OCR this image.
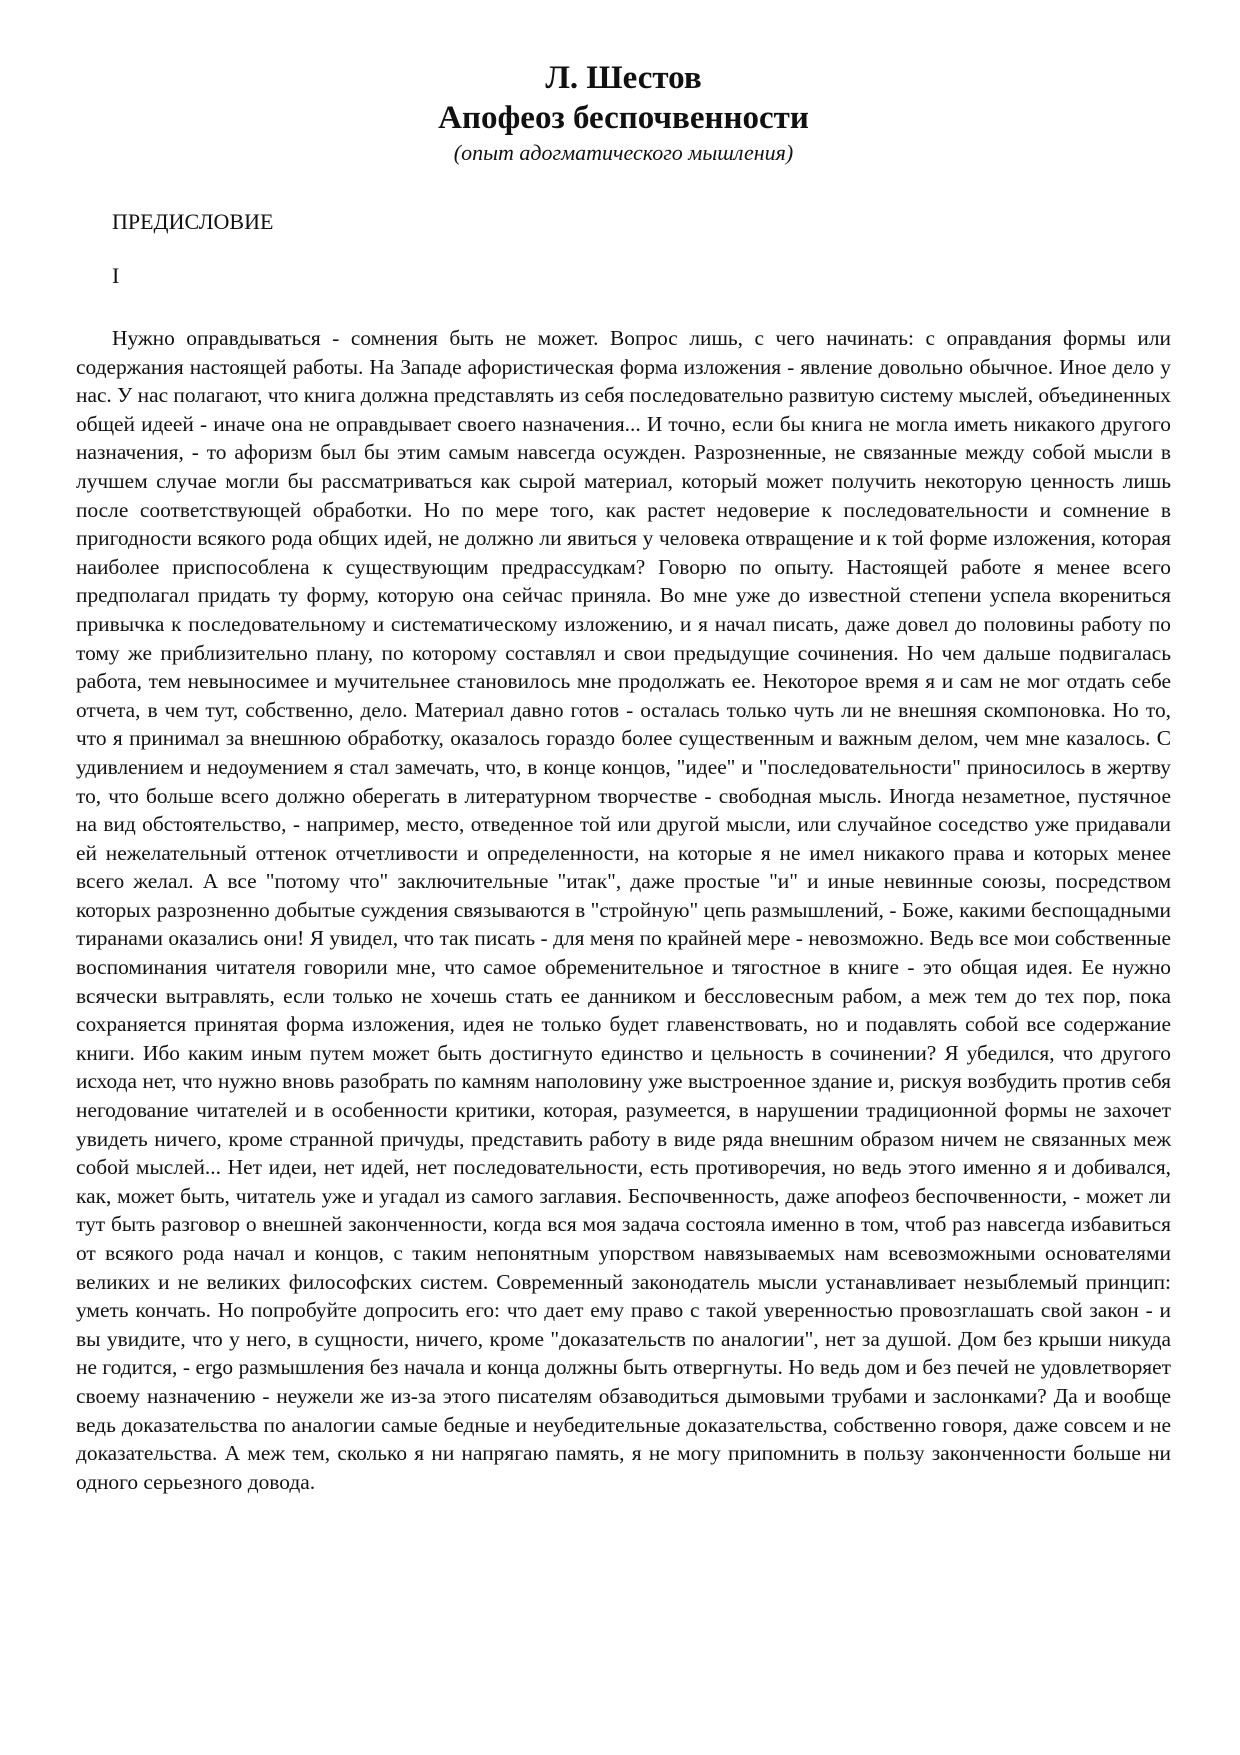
Л. Шестов

Апофеоз беспочвенности

(опыт адогматического мышления)

ПРЕДИСЛОВИЕ

I

Нужно оправдываться - сомнения быть не может. Вопрос лишь, с чего начинать: с оправдания формы или содержания настоящей работы. На Западе афористическая форма изложения - явление довольно обычное. Иное дело у нас. У нас полагают, что книга должна представлять из себя последовательно развитую систему мыслей, объединенных общей идеей - иначе она не оправдывает своего назначения... И точно, если бы книга не могла иметь никакого другого назначения, - то афоризм был бы этим самым навсегда осужден. Разрозненные, не связанные между собой мысли в лучшем случае могли бы рассматриваться как сырой материал, который может получить некоторую ценность лишь после соответствующей обработки. Но по мере того, как растет недоверие к последовательности и сомнение в пригодности всякого рода общих идей, не должно ли явиться у человека отвращение и к той форме изложения, которая наиболее приспособлена к существующим предрассудкам? Говорю по опыту. Настоящей работе я менее всего предполагал придать ту форму, которую она сейчас приняла. Во мне уже до известной степени успела вкорениться привычка к последовательному и систематическому изложению, и я начал писать, даже довел до половины работу по тому же приблизительно плану, по которому составлял и свои предыдущие сочинения. Но чем дальше подвигалась работа, тем невыносимее и мучительнее становилось мне продолжать ее. Некоторое время я и сам не мог отдать себе отчета, в чем тут, собственно, дело. Материал давно готов - осталась только чуть ли не внешняя скомпоновка. Но то, что я принимал за внешнюю обработку, оказалось гораздо более существенным и важным делом, чем мне казалось. С удивлением и недоумением я стал замечать, что, в конце концов, "идее" и "последовательности" приносилось в жертву то, что больше всего должно оберегать в литературном творчестве - свободная мысль. Иногда незаметное, пустячное на вид обстоятельство, - например, место, отведенное той или другой мысли, или случайное соседство уже придавали ей нежелательный оттенок отчетливости и определенности, на которые я не имел никакого права и которых менее всего желал. А все "потому что" заключительные "итак", даже простые "и" и иные невинные союзы, посредством которых разрозненно добытые суждения связываются в "стройную" цепь размышлений, - Боже, какими беспощадными тиранами оказались они! Я увидел, что так писать - для меня по крайней мере - невозможно. Ведь все мои собственные воспоминания читателя говорили мне, что самое обременительное и тягостное в книге - это общая идея. Ее нужно всячески вытравлять, если только не хочешь стать ее данником и бессловесным рабом, а меж тем до тех пор, пока сохраняется принятая форма изложения, идея не только будет главенствовать, но и подавлять собой все содержание книги. Ибо каким иным путем может быть достигнуто единство и цельность в сочинении? Я убедился, что другого исхода нет, что нужно вновь разобрать по камням наполовину уже выстроенное здание и, рискуя возбудить против себя негодование читателей и в особенности критики, которая, разумеется, в нарушении традиционной формы не захочет увидеть ничего, кроме странной причуды, представить работу в виде ряда внешним образом ничем не связанных меж собой мыслей... Нет идеи, нет идей, нет последовательности, есть противоречия, но ведь этого именно я и добивался, как, может быть, читатель уже и угадал из самого заглавия. Беспочвенность, даже апофеоз беспочвенности, - может ли тут быть разговор о внешней законченности, когда вся моя задача состояла именно в том, чтоб раз навсегда избавиться от всякого рода начал и концов, с таким непонятным упорством навязываемых нам всевозможными основателями великих и не великих философских систем. Современный законодатель мысли устанавливает незыблемый принцип: уметь кончать. Но попробуйте допросить его: что дает ему право с такой уверенностью провозглашать свой закон - и вы увидите, что у него, в сущности, ничего, кроме "доказательств по аналогии", нет за душой. Дом без крыши никуда не годится, - ergo размышления без начала и конца должны быть отвергнуты. Но ведь дом и без печей не удовлетворяет своему назначению - неужели же из-за этого писателям обзаводиться дымовыми трубами и заслонками? Да и вообще ведь доказательства по аналогии самые бедные и неубедительные доказательства, собственно говоря, даже совсем и не доказательства. А меж тем, сколько я ни напрягаю память, я не могу припомнить в пользу законченности больше ни одного серьезного довода.
